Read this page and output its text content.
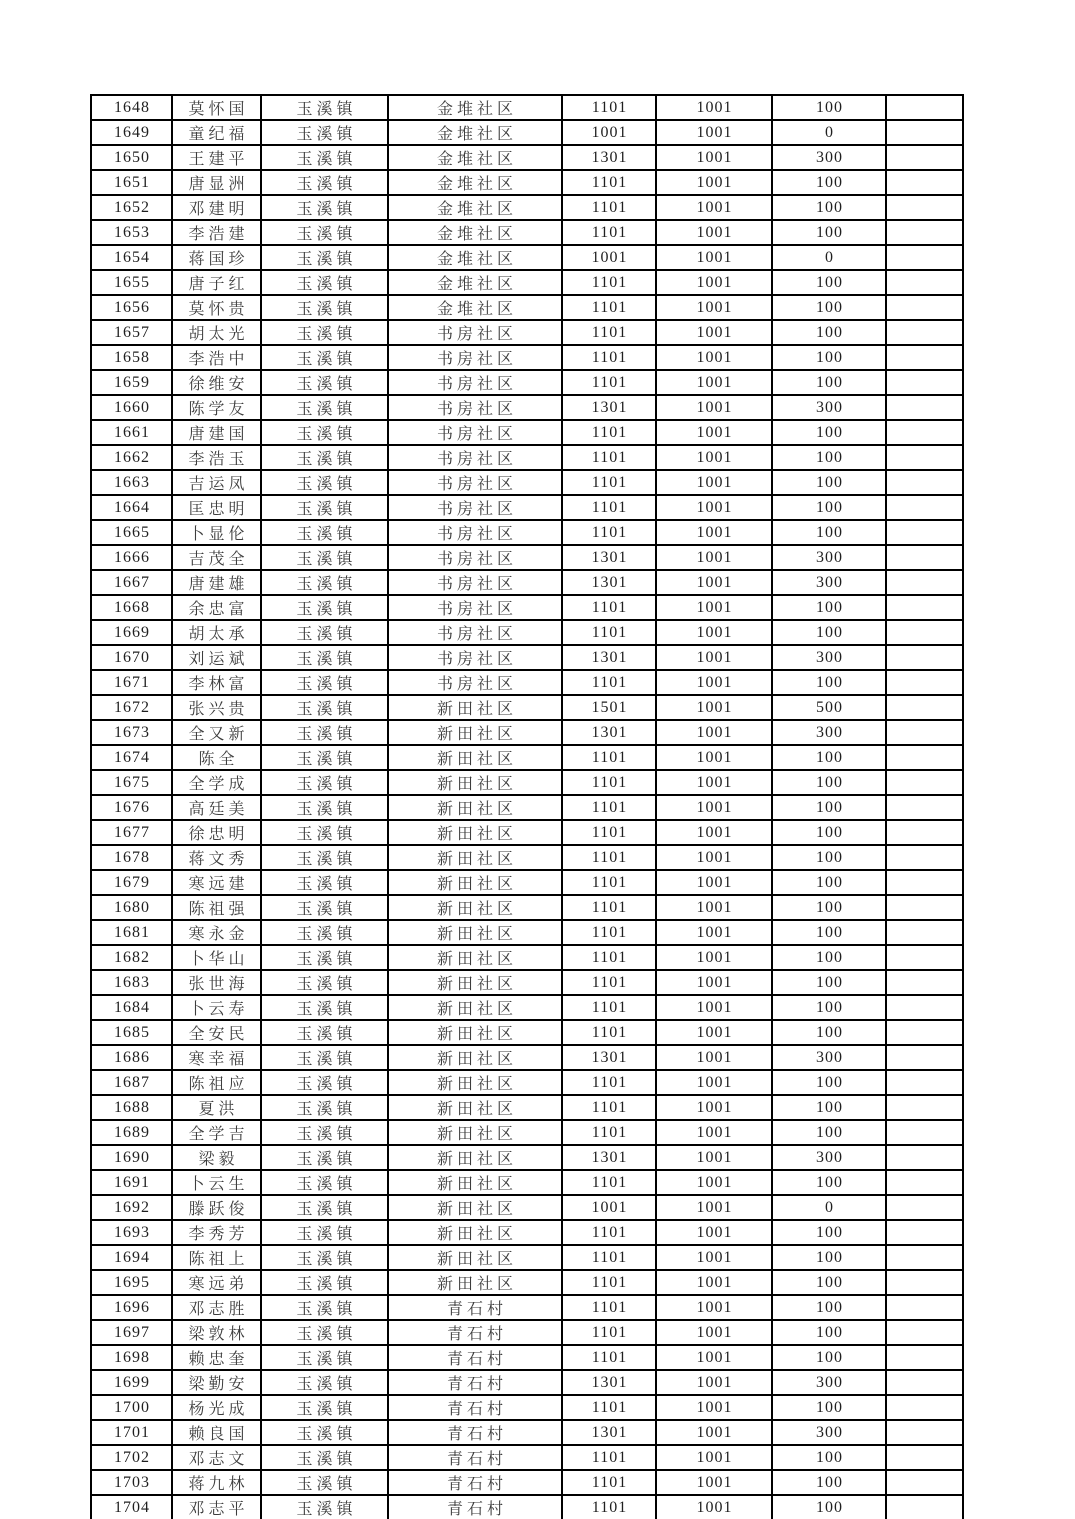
1648	莫怀国	玉溪镇	金堆社区	1101	1001	100	
1649	童纪福	玉溪镇	金堆社区	1001	1001	0	
1650	王建平	玉溪镇	金堆社区	1301	1001	300	
1651	唐显洲	玉溪镇	金堆社区	1101	1001	100	
1652	邓建明	玉溪镇	金堆社区	1101	1001	100	
1653	李浩建	玉溪镇	金堆社区	1101	1001	100	
1654	蒋国珍	玉溪镇	金堆社区	1001	1001	0	
1655	唐子红	玉溪镇	金堆社区	1101	1001	100	
1656	莫怀贵	玉溪镇	金堆社区	1101	1001	100	
1657	胡太光	玉溪镇	书房社区	1101	1001	100	
1658	李浩中	玉溪镇	书房社区	1101	1001	100	
1659	徐维安	玉溪镇	书房社区	1101	1001	100	
1660	陈学友	玉溪镇	书房社区	1301	1001	300	
1661	唐建国	玉溪镇	书房社区	1101	1001	100	
1662	李浩玉	玉溪镇	书房社区	1101	1001	100	
1663	吉运凤	玉溪镇	书房社区	1101	1001	100	
1664	匡忠明	玉溪镇	书房社区	1101	1001	100	
1665	卜显伦	玉溪镇	书房社区	1101	1001	100	
1666	吉茂全	玉溪镇	书房社区	1301	1001	300	
1667	唐建雄	玉溪镇	书房社区	1301	1001	300	
1668	余忠富	玉溪镇	书房社区	1101	1001	100	
1669	胡太承	玉溪镇	书房社区	1101	1001	100	
1670	刘运斌	玉溪镇	书房社区	1301	1001	300	
1671	李林富	玉溪镇	书房社区	1101	1001	100	
1672	张兴贵	玉溪镇	新田社区	1501	1001	500	
1673	全又新	玉溪镇	新田社区	1301	1001	300	
1674	陈全	玉溪镇	新田社区	1101	1001	100	
1675	全学成	玉溪镇	新田社区	1101	1001	100	
1676	高廷美	玉溪镇	新田社区	1101	1001	100	
1677	徐忠明	玉溪镇	新田社区	1101	1001	100	
1678	蒋文秀	玉溪镇	新田社区	1101	1001	100	
1679	寒远建	玉溪镇	新田社区	1101	1001	100	
1680	陈祖强	玉溪镇	新田社区	1101	1001	100	
1681	寒永金	玉溪镇	新田社区	1101	1001	100	
1682	卜华山	玉溪镇	新田社区	1101	1001	100	
1683	张世海	玉溪镇	新田社区	1101	1001	100	
1684	卜云寿	玉溪镇	新田社区	1101	1001	100	
1685	全安民	玉溪镇	新田社区	1101	1001	100	
1686	寒幸福	玉溪镇	新田社区	1301	1001	300	
1687	陈祖应	玉溪镇	新田社区	1101	1001	100	
1688	夏洪	玉溪镇	新田社区	1101	1001	100	
1689	全学吉	玉溪镇	新田社区	1101	1001	100	
1690	梁毅	玉溪镇	新田社区	1301	1001	300	
1691	卜云生	玉溪镇	新田社区	1101	1001	100	
1692	滕跃俊	玉溪镇	新田社区	1001	1001	0	
1693	李秀芳	玉溪镇	新田社区	1101	1001	100	
1694	陈祖上	玉溪镇	新田社区	1101	1001	100	
1695	寒远弟	玉溪镇	新田社区	1101	1001	100	
1696	邓志胜	玉溪镇	青石村	1101	1001	100	
1697	梁敦林	玉溪镇	青石村	1101	1001	100	
1698	赖忠奎	玉溪镇	青石村	1101	1001	100	
1699	梁勤安	玉溪镇	青石村	1301	1001	300	
1700	杨光成	玉溪镇	青石村	1101	1001	100	
1701	赖良国	玉溪镇	青石村	1301	1001	300	
1702	邓志文	玉溪镇	青石村	1101	1001	100	
1703	蒋九林	玉溪镇	青石村	1101	1001	100	
1704	邓志平	玉溪镇	青石村	1101	1001	100	
